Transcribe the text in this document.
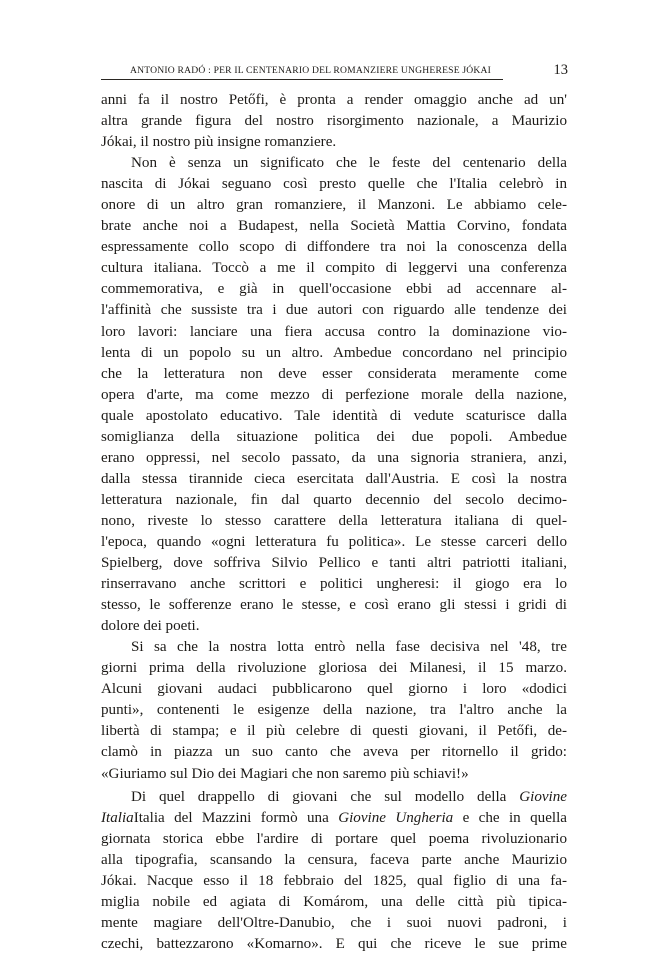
ANTONIO RADÓ : PER IL CENTENARIO DEL ROMANZIERE UNGHERESE JÓKAI	13
anni fa il nostro Petőfi, è pronta a render omaggio anche ad un'
altra grande figura del nostro risorgimento nazionale, a Maurizio
Jókai, il nostro più insigne romanziere.
Non è senza un significato che le feste del centenario della
nascita di Jókai seguano così presto quelle che l'Italia celebrò in
onore di un altro gran romanziere, il Manzoni. Le abbiamo cele-
brate anche noi a Budapest, nella Società Mattia Corvino, fondata
espressamente collo scopo di diffondere tra noi la conoscenza della
cultura italiana. Toccò a me il compito di leggervi una conferenza
commemorativa, e già in quell'occasione ebbi ad accennare al-
l'affinità che sussiste tra i due autori con riguardo alle tendenze dei
loro lavori: lanciare una fiera accusa contro la dominazione vio-
lenta di un popolo su un altro. Ambedue concordano nel principio
che la letteratura non deve esser considerata meramente come
opera d'arte, ma come mezzo di perfezione morale della nazione,
quale apostolato educativo. Tale identità di vedute scaturisce dalla
somiglianza della situazione politica dei due popoli. Ambedue
erano oppressi, nel secolo passato, da una signoria straniera, anzi,
dalla stessa tirannide cieca esercitata dall'Austria. E così la nostra
letteratura nazionale, fin dal quarto decennio del secolo decimo-
nono, riveste lo stesso carattere della letteratura italiana di quel-
l'epoca, quando «ogni letteratura fu politica». Le stesse carceri dello
Spielberg, dove soffriva Silvio Pellico e tanti altri patriotti italiani,
rinserravano anche scrittori e politici ungheresi: il giogo era lo
stesso, le sofferenze erano le stesse, e così erano gli stessi i gridi di
dolore dei poeti.
Si sa che la nostra lotta entrò nella fase decisiva nel '48, tre
giorni prima della rivoluzione gloriosa dei Milanesi, il 15 marzo.
Alcuni giovani audaci pubblicarono quel giorno i loro «dodici
punti», contenenti le esigenze della nazione, tra l'altro anche la
libertà di stampa; e il più celebre di questi giovani, il Petőfi, de-
clamò in piazza un suo canto che aveva per ritornello il grido:
«Giuriamo sul Dio dei Magiari che non saremo più schiavi!»
Di quel drappello di giovani che sul modello della Giovine
ItaliaItalia del Mazzini formò una Giovine Ungheria e che in quella
giornata storica ebbe l'ardire di portare quel poema rivoluzionario
alla tipografia, scansando la censura, faceva parte anche Maurizio
Jókai. Nacque esso il 18 febbraio del 1825, qual figlio di una fa-
miglia nobile ed agiata di Komárom, una delle città più tipica-
mente magiare dell'Oltre-Danubio, che i suoi nuovi padroni, i
czechi, battezzarono «Komarno». E qui che riceve le sue prime
